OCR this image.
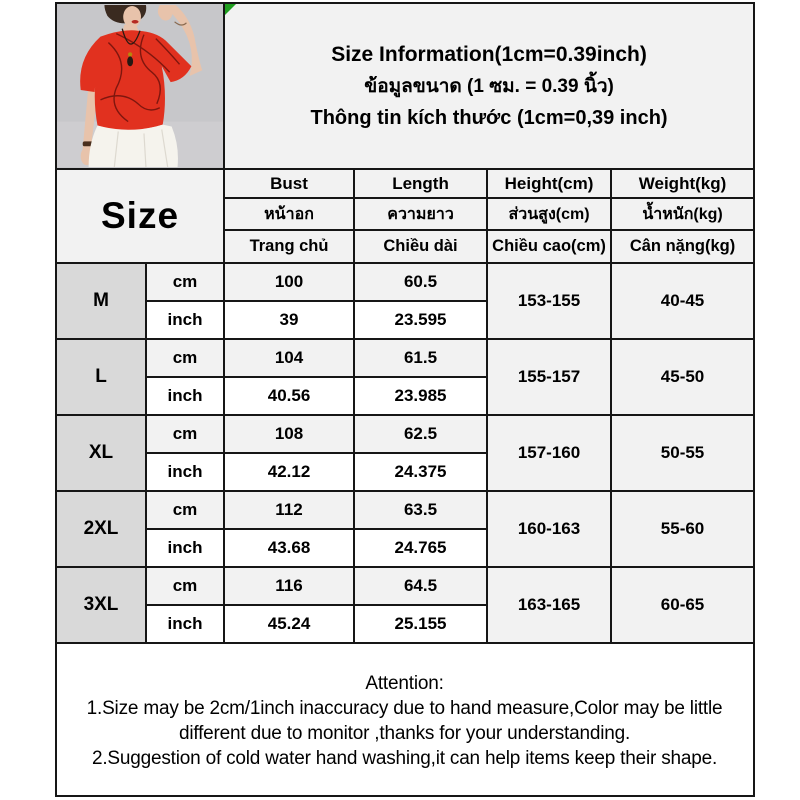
Size Information(1cm=0.39inch)
ข้อมูลขนาด (1 ซม. = 0.39 นิ้ว)
Thông tin kích thước (1cm=0,39 inch)			

Size		Bust	Length	Height(cm)	Weight(kg)
		หน้าอก	ความยาว	ส่วนสูง(cm)	น้ำหนัก(kg)
		Trang chủ	Chiều dài	Chiều cao(cm)	Cân nặng(kg)
M	cm	100	60.5	153-155	40-45
	inch	39	23.595		
L	cm	104	61.5	155-157	45-50
	inch	40.56	23.985		
XL	cm	108	62.5	157-160	50-55
	inch	42.12	24.375		
2XL	cm	112	63.5	160-163	55-60
	inch	43.68	24.765		
3XL	cm	116	64.5	163-165	60-65
	inch	45.24	25.155		

Attention:
1.Size may be 2cm/1inch inaccuracy due to hand measure,Color may be little different due to monitor ,thanks for your understanding.
2.Suggestion of cold water hand washing,it can help items keep their shape.					
